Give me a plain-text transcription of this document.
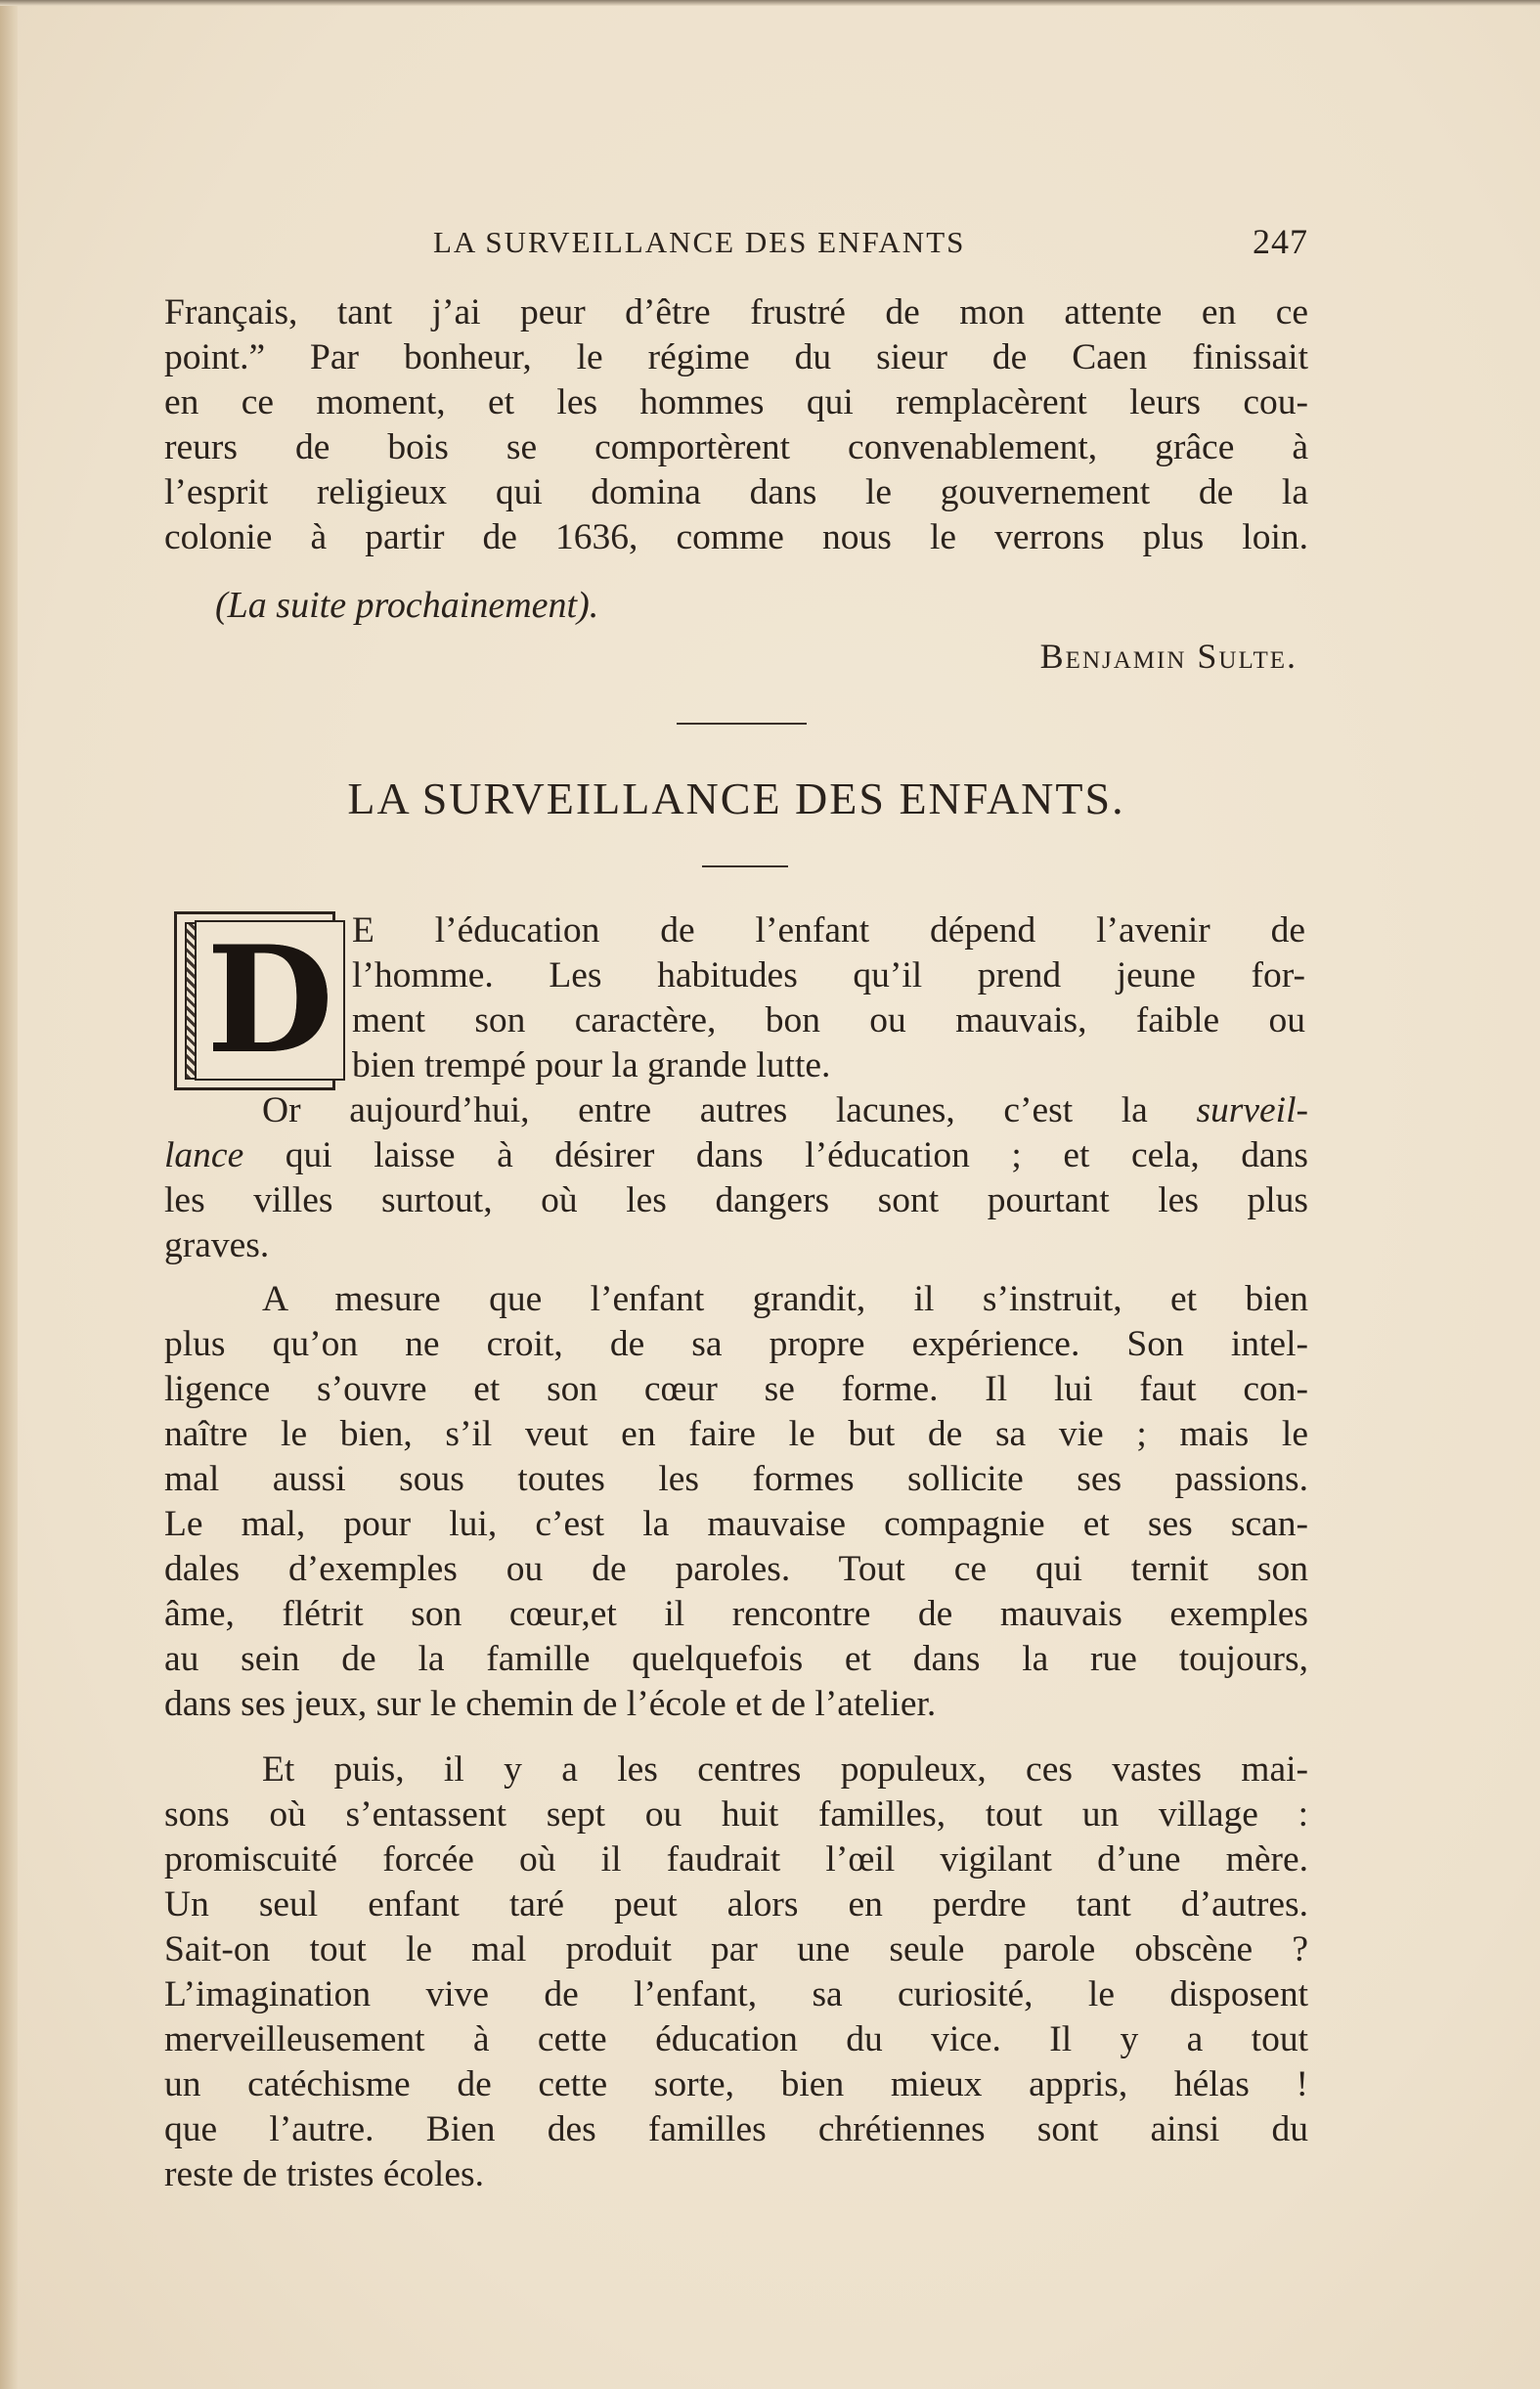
LA SURVEILLANCE DES ENFANTS	247
Français, tant j’ai peur d’être frustré de mon attente en ce
point.” Par bonheur, le régime du sieur de Caen finissait
en ce moment, et les hommes qui remplacèrent leurs cou-
reurs de bois se comportèrent convenablement, grâce à
l’esprit religieux qui domina dans le gouvernement de la
colonie à partir de 1636, comme nous le verrons plus loin.
(La suite prochainement).
Benjamin Sulte.
LA SURVEILLANCE DES ENFANTS.
D E l’éducation de l’enfant dépend l’avenir de
l’homme. Les habitudes qu’il prend jeune for-
ment son caractère, bon ou mauvais, faible ou
bien trempé pour la grande lutte.
Or aujourd’hui, entre autres lacunes, c’est la surveil-
lance qui laisse à désirer dans l’éducation ; et cela, dans
les villes surtout, où les dangers sont pourtant les plus
graves.
A mesure que l’enfant grandit, il s’instruit, et bien
plus qu’on ne croit, de sa propre expérience. Son intel-
ligence s’ouvre et son cœur se forme. Il lui faut con-
naître le bien, s’il veut en faire le but de sa vie ; mais le
mal aussi sous toutes les formes sollicite ses passions.
Le mal, pour lui, c’est la mauvaise compagnie et ses scan-
dales d’exemples ou de paroles. Tout ce qui ternit son
âme, flétrit son cœur,et il rencontre de mauvais exemples
au sein de la famille quelquefois et dans la rue toujours,
dans ses jeux, sur le chemin de l’école et de l’atelier.
Et puis, il y a les centres populeux, ces vastes mai-
sons où s’entassent sept ou huit familles, tout un village :
promiscuité forcée où il faudrait l’œil vigilant d’une mère.
Un seul enfant taré peut alors en perdre tant d’autres.
Sait-on tout le mal produit par une seule parole obscène ?
L’imagination vive de l’enfant, sa curiosité, le disposent
merveilleusement à cette éducation du vice. Il y a tout
un catéchisme de cette sorte, bien mieux appris, hélas !
que l’autre. Bien des familles chrétiennes sont ainsi du
reste de tristes écoles.
